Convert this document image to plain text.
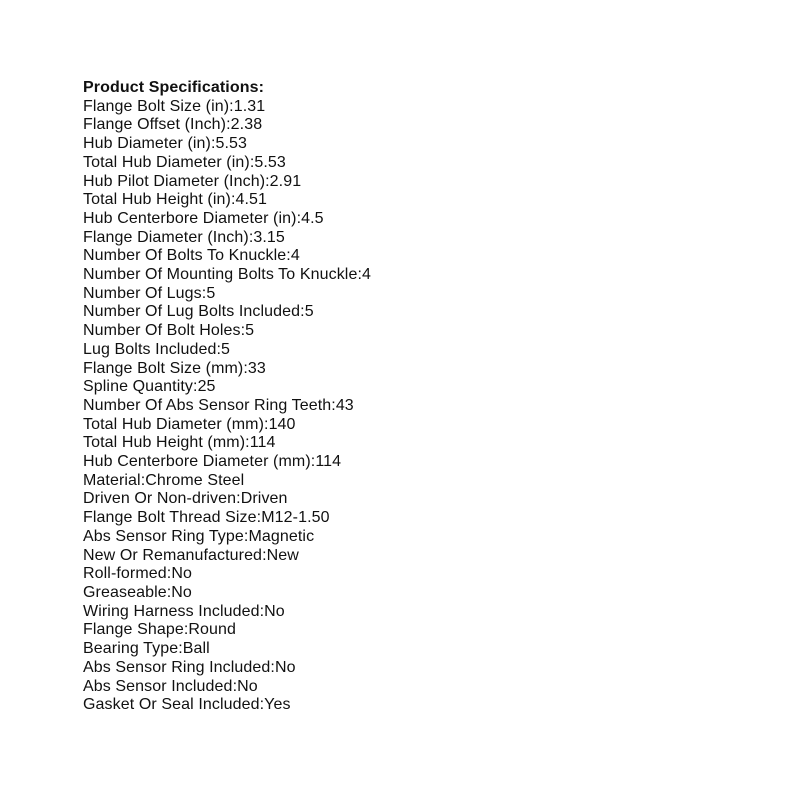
Product Specifications:
Flange Bolt Size (in):1.31
Flange Offset (Inch):2.38
Hub Diameter (in):5.53
Total Hub Diameter (in):5.53
Hub Pilot Diameter (Inch):2.91
Total Hub Height (in):4.51
Hub Centerbore Diameter (in):4.5
Flange Diameter (Inch):3.15
Number Of Bolts To Knuckle:4
Number Of Mounting Bolts To Knuckle:4
Number Of Lugs:5
Number Of Lug Bolts Included:5
Number Of Bolt Holes:5
Lug Bolts Included:5
Flange Bolt Size (mm):33
Spline Quantity:25
Number Of Abs Sensor Ring Teeth:43
Total Hub Diameter (mm):140
Total Hub Height (mm):114
Hub Centerbore Diameter (mm):114
Material:Chrome Steel
Driven Or Non-driven:Driven
Flange Bolt Thread Size:M12-1.50
Abs Sensor Ring Type:Magnetic
New Or Remanufactured:New
Roll-formed:No
Greaseable:No
Wiring Harness Included:No
Flange Shape:Round
Bearing Type:Ball
Abs Sensor Ring Included:No
Abs Sensor Included:No
Gasket Or Seal Included:Yes
